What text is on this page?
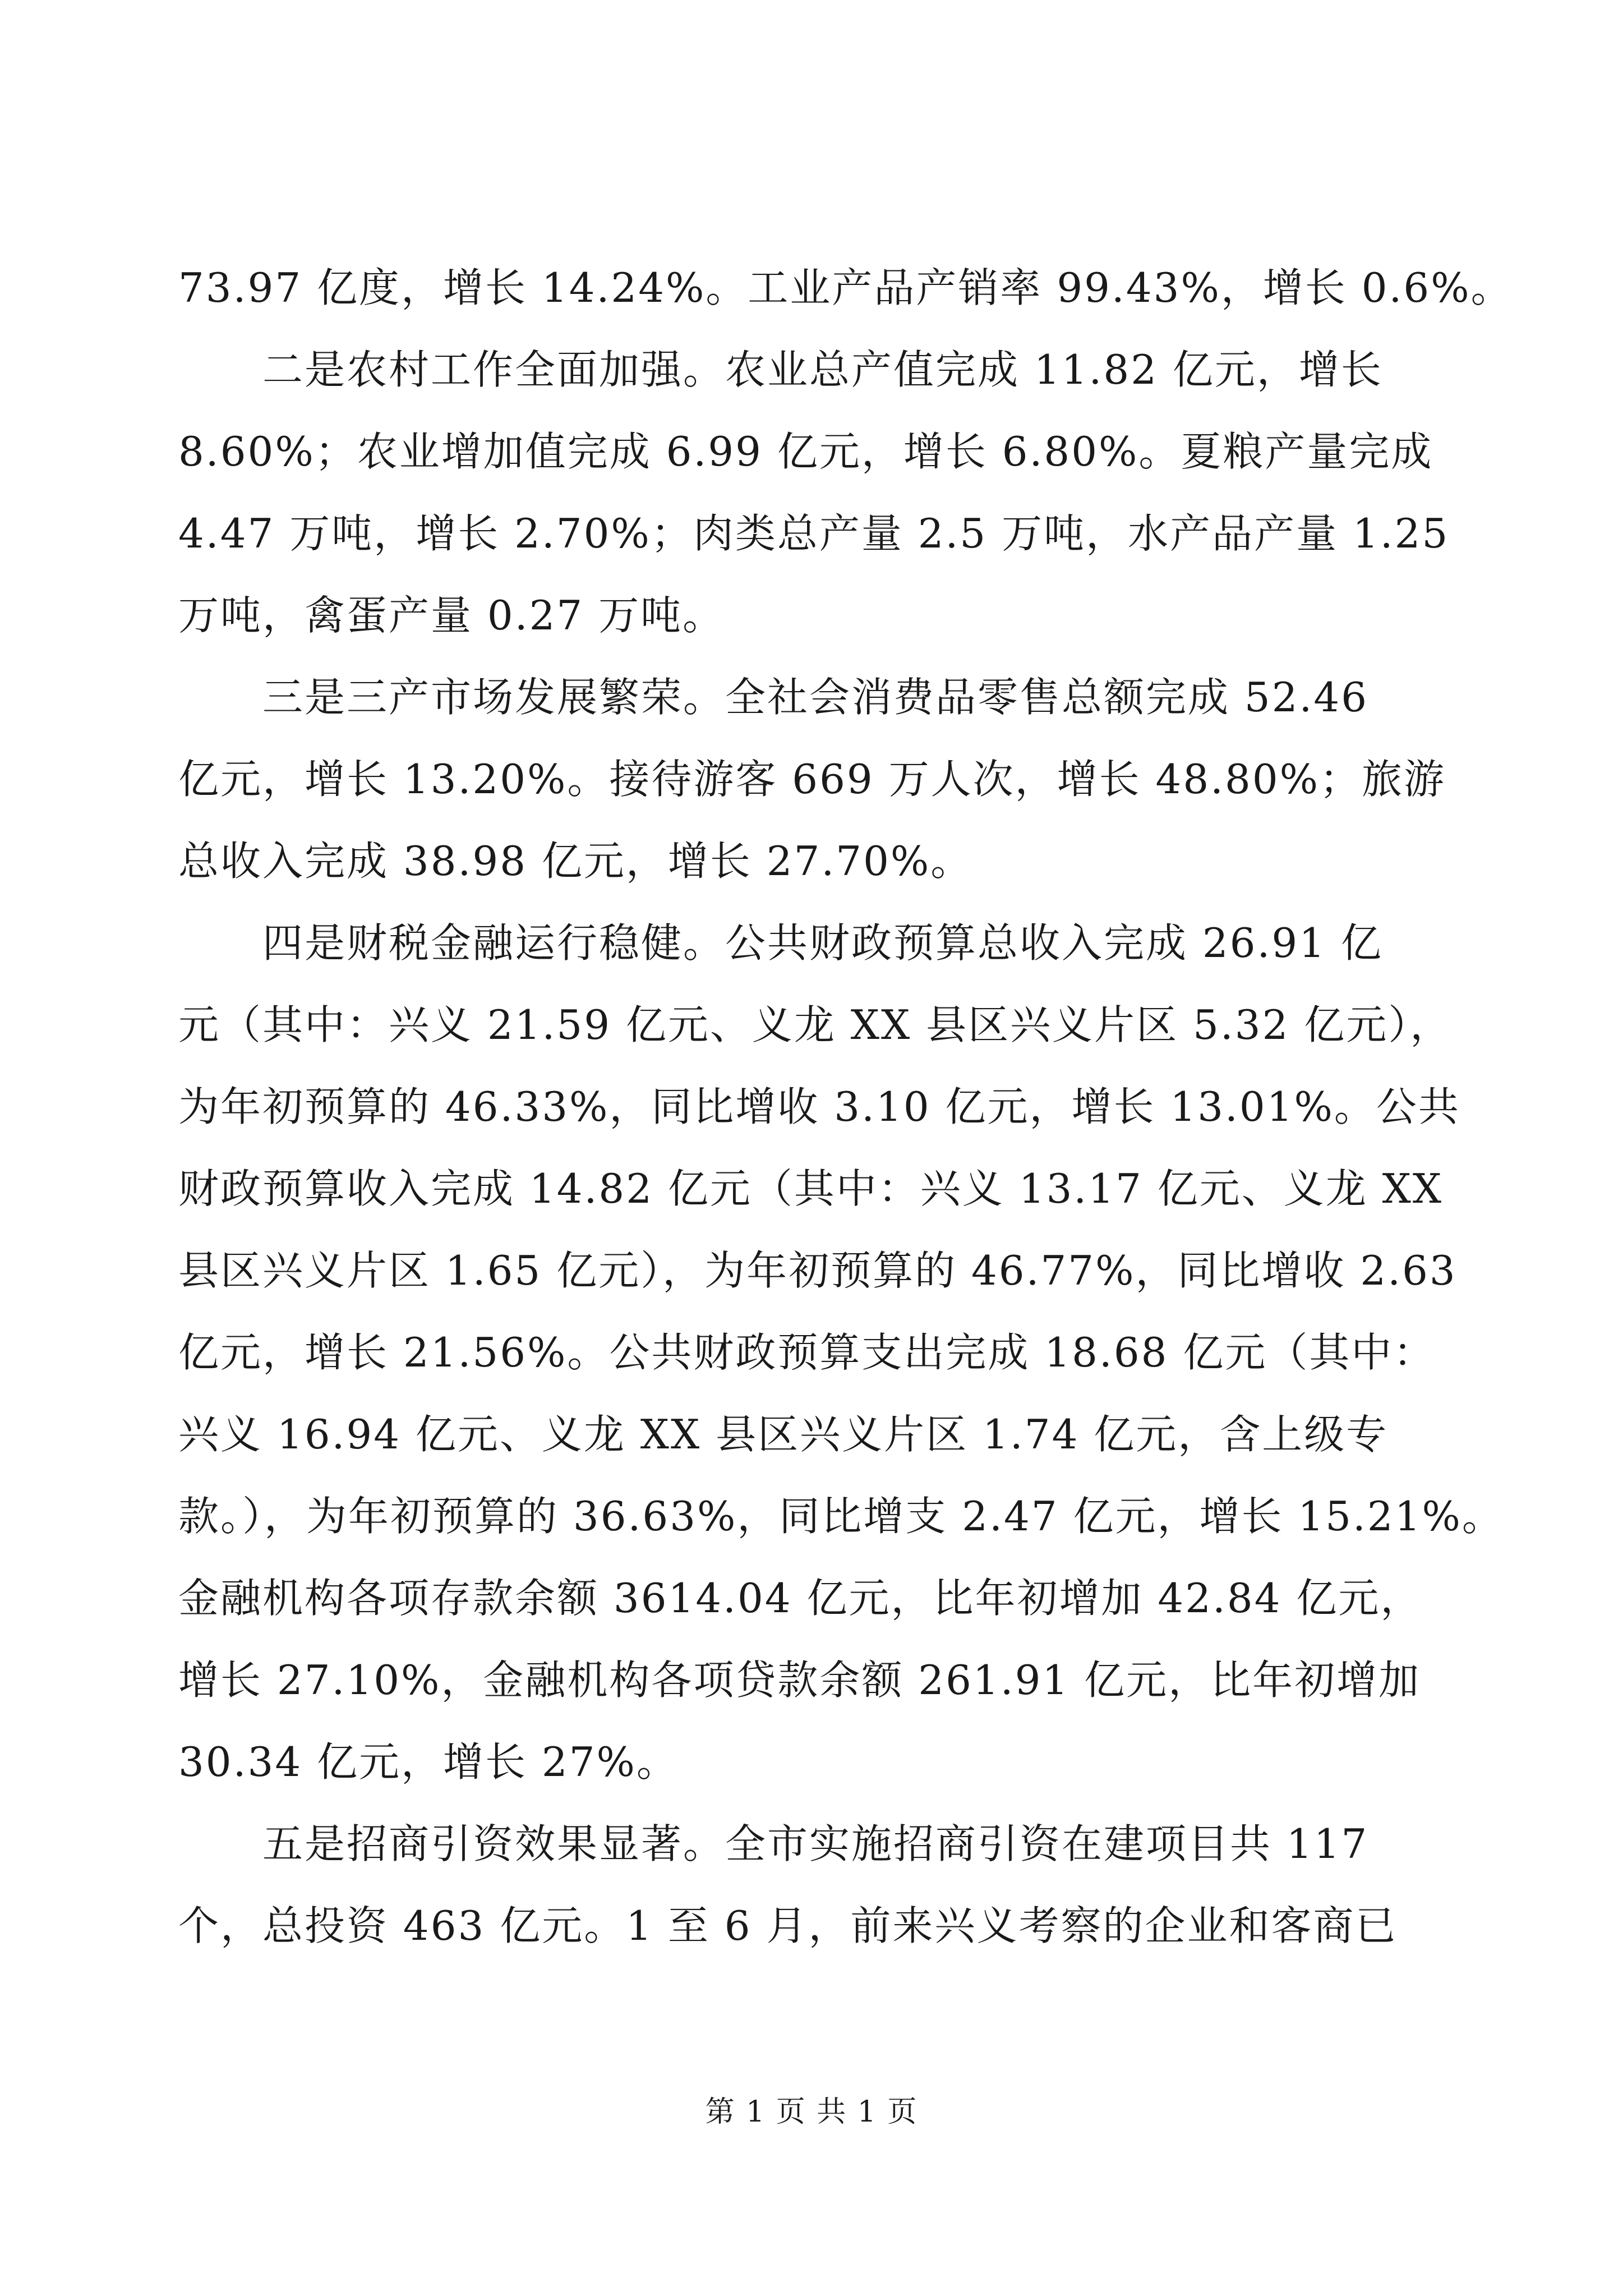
73.97 亿度，增长 14.24%。工业产品产销率 99.43%，增长 0.6%。
　　二是农村工作全面加强。农业总产值完成 11.82 亿元，增长
8.60%；农业增加值完成 6.99 亿元，增长 6.80%。夏粮产量完成
4.47 万吨，增长 2.70%；肉类总产量 2.5 万吨，水产品产量 1.25
万吨，禽蛋产量 0.27 万吨。
　　三是三产市场发展繁荣。全社会消费品零售总额完成 52.46
亿元，增长 13.20%。接待游客 669 万人次，增长 48.80%；旅游
总收入完成 38.98 亿元，增长 27.70%。
　　四是财税金融运行稳健。公共财政预算总收入完成 26.91 亿
元（其中：兴义 21.59 亿元、义龙 XX 县区兴义片区 5.32 亿元），
为年初预算的 46.33%，同比增收 3.10 亿元，增长 13.01%。公共
财政预算收入完成 14.82 亿元（其中：兴义 13.17 亿元、义龙 XX
县区兴义片区 1.65 亿元），为年初预算的 46.77%，同比增收 2.63
亿元，增长 21.56%。公共财政预算支出完成 18.68 亿元（其中：
兴义 16.94 亿元、义龙 XX 县区兴义片区 1.74 亿元，含上级专
款。），为年初预算的 36.63%，同比增支 2.47 亿元，增长 15.21%。
金融机构各项存款余额 3614.04 亿元，比年初增加 42.84 亿元，
增长 27.10%，金融机构各项贷款余额 261.91 亿元，比年初增加
30.34 亿元，增长 27%。
　　五是招商引资效果显著。全市实施招商引资在建项目共 117
个，总投资 463 亿元。1 至 6 月，前来兴义考察的企业和客商已
第 1 页 共 1 页
